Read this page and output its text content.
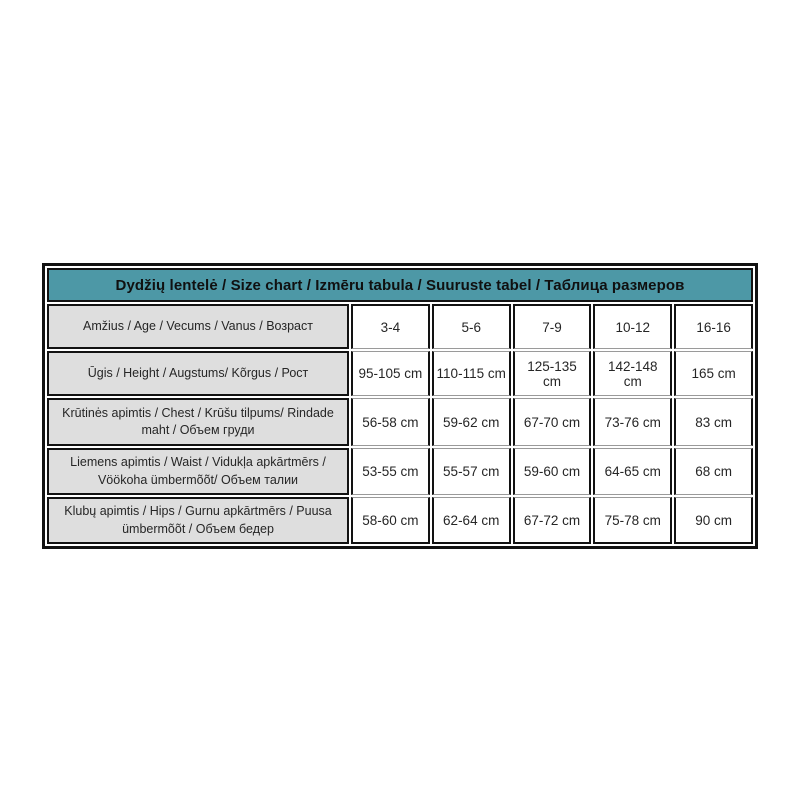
Dydžių lentelė / Size chart / Izmēru tabula / Suuruste tabel / Таблица размеров					
Amžius / Age / Vecums / Vanus / Возраст	3-4	5-6	7-9	10-12	16-16
Ūgis / Height / Augstums/ Kõrgus / Рост	95-105 cm	110-115 cm	125-135 cm	142-148 cm	165 cm
Krūtinės apimtis / Chest / Krūšu tilpums/ Rindade maht / Объем груди	56-58 cm	59-62 cm	67-70 cm	73-76 cm	83 cm
Liemens apimtis / Waist / Vidukļa apkārtmērs / Vöökoha ümbermõõt/ Объем талии	53-55 cm	55-57 cm	59-60 cm	64-65 cm	68 cm
Klubų apimtis / Hips / Gurnu apkārtmērs / Puusa ümbermõõt / Объем бедер	58-60 cm	62-64 cm	67-72 cm	75-78 cm	90 cm
